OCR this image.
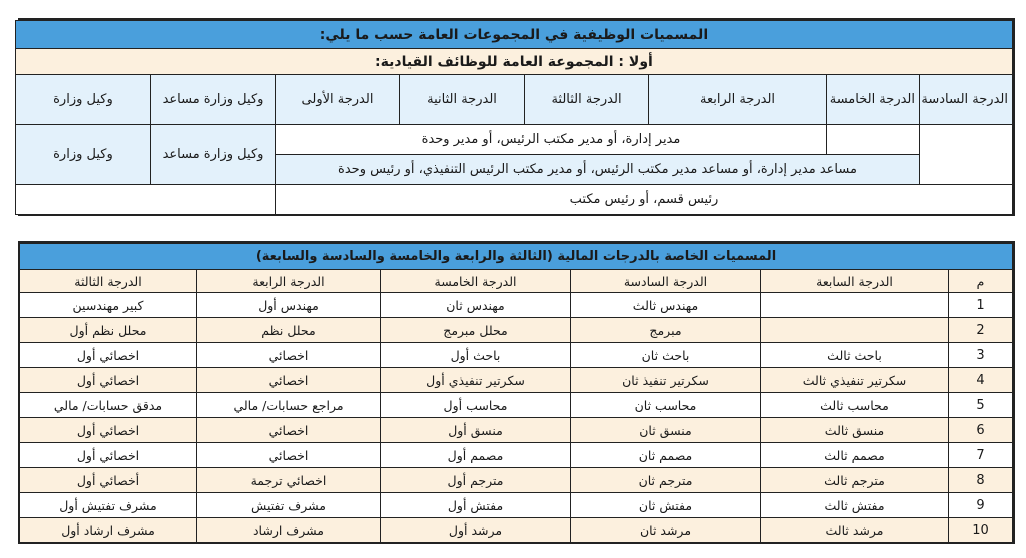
المسميات الوظيفية في المجموعات العامة حسب ما يلي:							
أولا : المجموعة العامة للوظائف القيادية:							
الدرجة السادسة	الدرجة الخامسة	الدرجة الرابعة	الدرجة الثالثة	الدرجة الثانية	الدرجة الأولى	وكيل وزارة مساعد	وكيل وزارة
		مدير إدارة، أو مدير مكتب الرئيس، أو مدير وحدة				وكيل وزارة مساعد	وكيل وزارة
	مساعد مدير إدارة، أو مساعد مدير مكتب الرئيس، أو مدير مكتب الرئيس التنفيذي، أو رئيس وحدة						
رئيس قسم، أو رئيس مكتب							
المسميات الخاصة بالدرجات المالية (الثالثة والرابعة والخامسة والسادسة والسابعة)					
م	الدرجة السابعة	الدرجة السادسة	الدرجة الخامسة	الدرجة الرابعة	الدرجة الثالثة
1		مهندس ثالث	مهندس ثان	مهندس أول	كبير مهندسين
2		مبرمج	محلل مبرمج	محلل نظم	محلل نظم أول
3	باحث ثالث	باحث ثان	باحث أول	اخصائي	اخصائي أول
4	سكرتير تنفيذي ثالث	سكرتير تنفيذ ثان	سكرتير تنفيذي أول	اخصائي	اخصائي أول
5	محاسب ثالث	محاسب ثان	محاسب أول	مراجع حسابات/ مالي	مدقق حسابات/ مالي
6	منسق ثالث	منسق ثان	منسق أول	اخصائي	اخصائي أول
7	مصمم ثالث	مصمم ثان	مصمم أول	اخصائي	اخصائي أول
8	مترجم ثالث	مترجم ثان	مترجم أول	اخصائي ترجمة	أخصائي أول
9	مفتش ثالث	مفتش ثان	مفتش أول	مشرف تفتيش	مشرف تفتيش أول
10	مرشد ثالث	مرشد ثان	مرشد أول	مشرف ارشاد	مشرف ارشاد أول
